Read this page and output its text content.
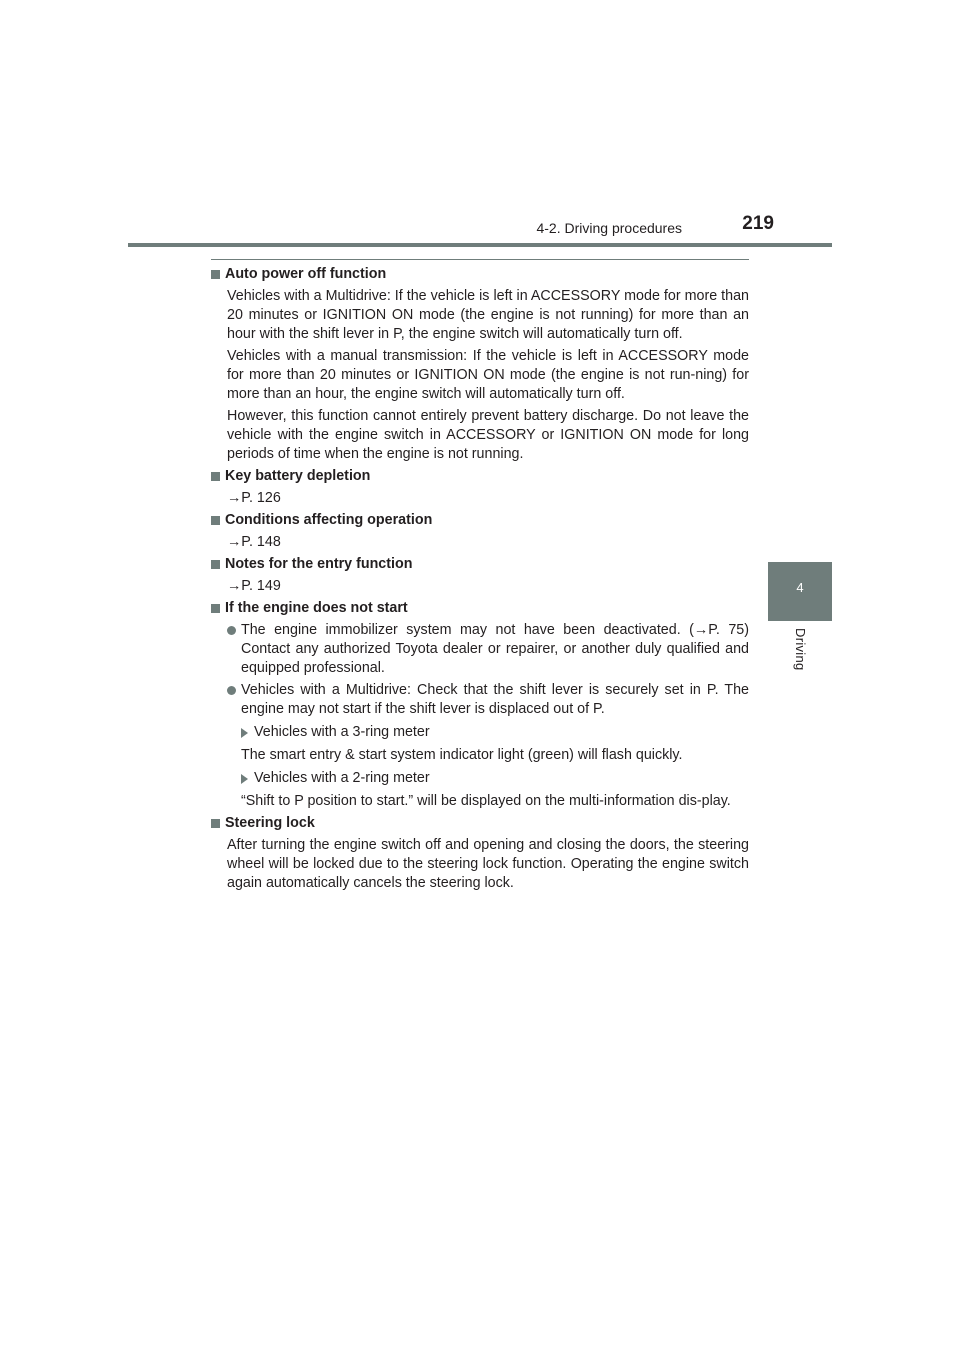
4-2. Driving procedures	219
4
Driving
Auto power off function

Vehicles with a Multidrive: If the vehicle is left in ACCESSORY mode for more than 20 minutes or IGNITION ON mode (the engine is not running) for more than an hour with the shift lever in P, the engine switch will automatically turn off.

Vehicles with a manual transmission: If the vehicle is left in ACCESSORY mode for more than 20 minutes or IGNITION ON mode (the engine is not run-ning) for more than an hour, the engine switch will automatically turn off.

However, this function cannot entirely prevent battery discharge. Do not leave the vehicle with the engine switch in ACCESSORY or IGNITION ON mode for long periods of time when the engine is not running.

Key battery depletion

→P. 126

Conditions affecting operation

→P. 148

Notes for the entry function

→P. 149

If the engine does not start
The engine immobilizer system may not have been deactivated. (→P. 75) Contact any authorized Toyota dealer or repairer, or another duly qualified and equipped professional.
Vehicles with a Multidrive: Check that the shift lever is securely set in P. The engine may not start if the shift lever is displaced out of P.
Vehicles with a 3-ring meter

The smart entry & start system indicator light (green) will flash quickly.

Vehicles with a 2-ring meter

“Shift to P position to start.” will be displayed on the multi-information dis-play.

Steering lock

After turning the engine switch off and opening and closing the doors, the steering wheel will be locked due to the steering lock function. Operating the engine switch again automatically cancels the steering lock.
